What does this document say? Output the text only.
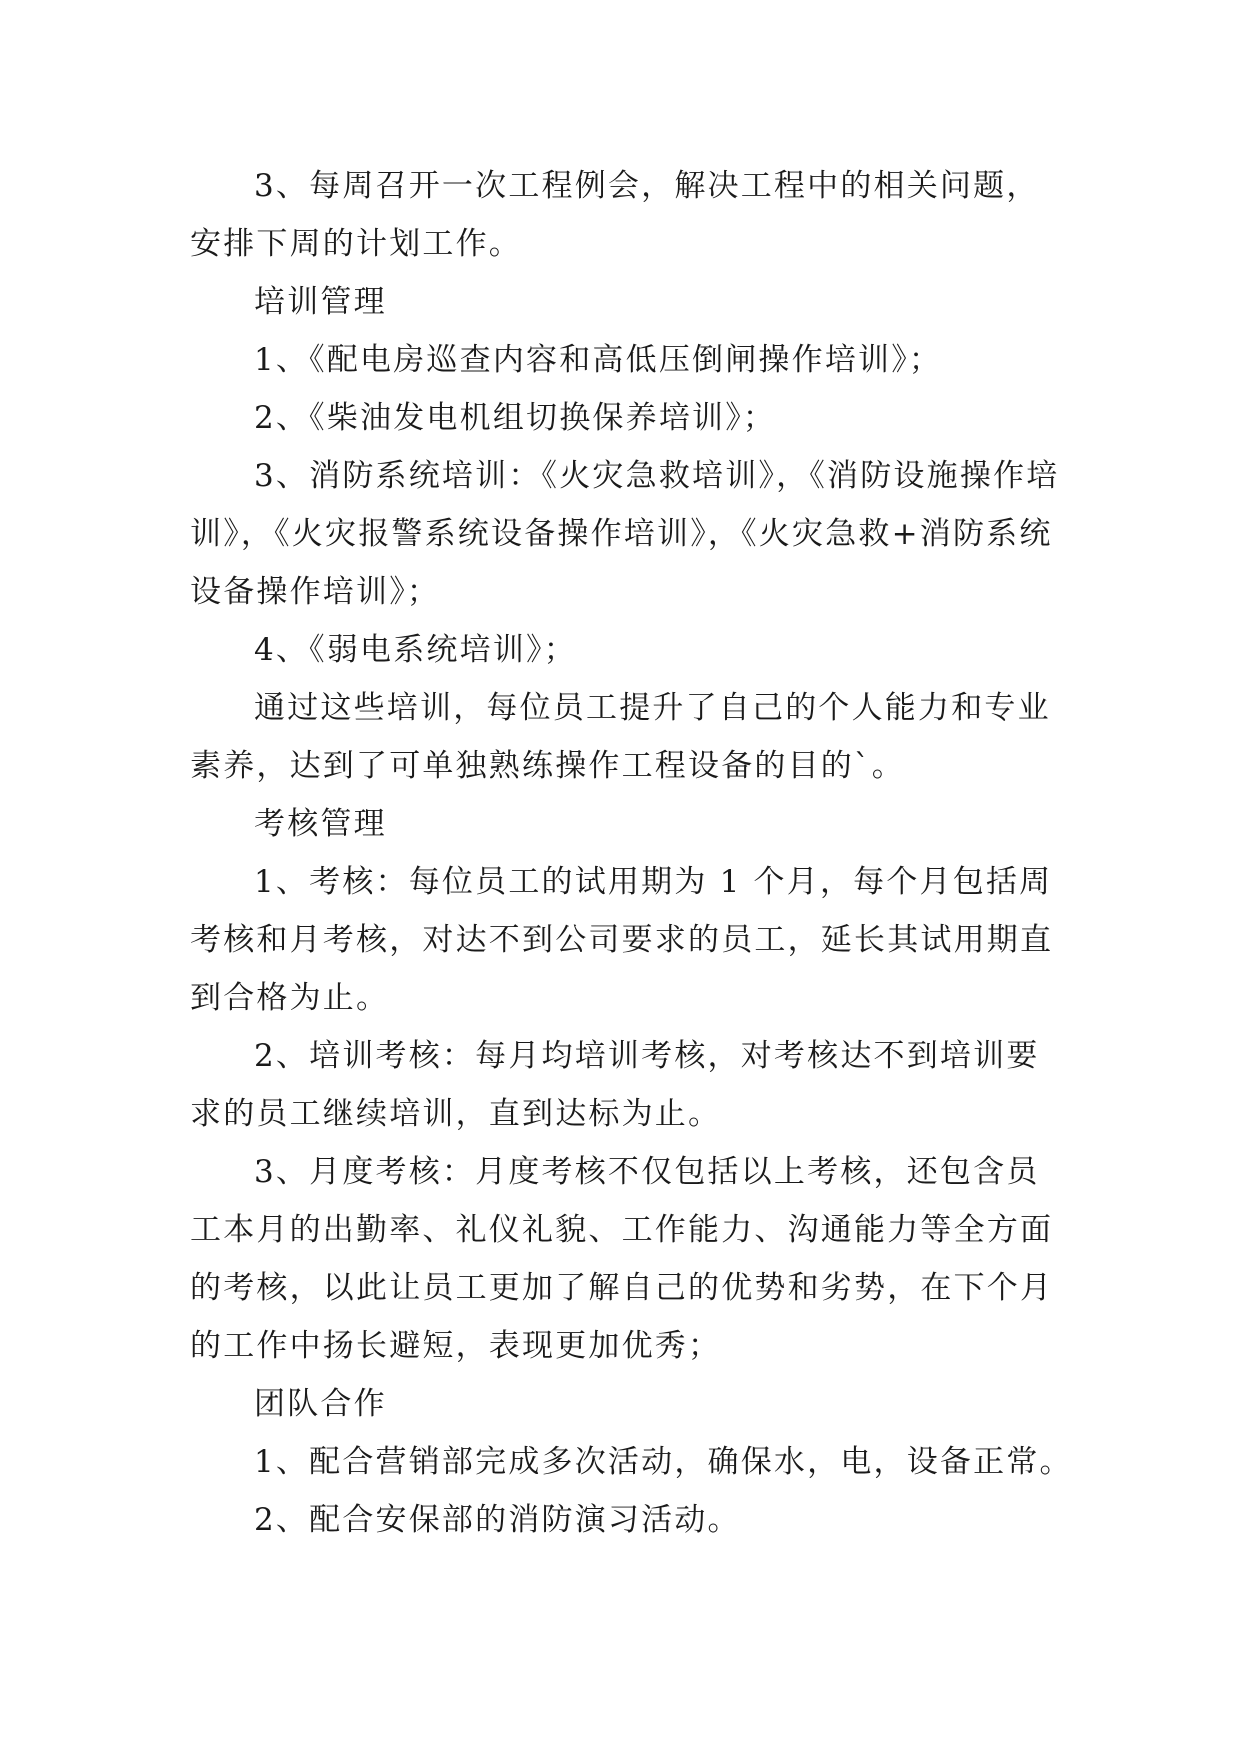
3、每周召开一次工程例会，解决工程中的相关问题，
安排下周的计划工作。
培训管理
1、《配电房巡查内容和高低压倒闸操作培训》；
2、《柴油发电机组切换保养培训》；
3、消防系统培训：《火灾急救培训》，《消防设施操作培
训》，《火灾报警系统设备操作培训》，《火灾急救+消防系统
设备操作培训》；
4、《弱电系统培训》；
通过这些培训，每位员工提升了自己的个人能力和专业
素养，达到了可单独熟练操作工程设备的目的`。
考核管理
1、考核：每位员工的试用期为 1 个月，每个月包括周
考核和月考核，对达不到公司要求的员工，延长其试用期直
到合格为止。
2、培训考核：每月均培训考核，对考核达不到培训要
求的员工继续培训，直到达标为止。
3、月度考核：月度考核不仅包括以上考核，还包含员
工本月的出勤率、礼仪礼貌、工作能力、沟通能力等全方面
的考核，以此让员工更加了解自己的优势和劣势，在下个月
的工作中扬长避短，表现更加优秀；
团队合作
1、配合营销部完成多次活动，确保水，电，设备正常。
2、配合安保部的消防演习活动。
